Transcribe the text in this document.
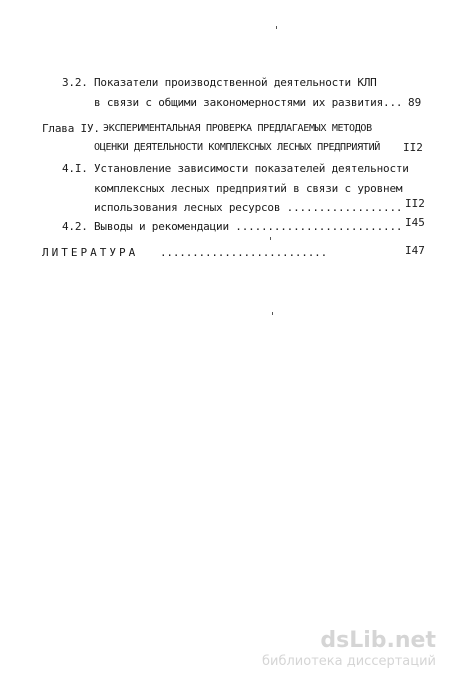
3.2. Показатели производственной деятельности КЛП
в связи с общими закономерностями их развития... 89
Глава IУ. ЭКСПЕРИМЕНТАЛЬНАЯ ПРОВЕРКА ПРЕДЛАГАЕМЫХ МЕТОДОВ
ОЦЕНКИ ДЕЯТЕЛЬНОСТИ КОМПЛЕКСНЫХ ЛЕСНЫХ ПРЕДПРИЯТИЙ II2
4.I. Установление зависимости показателей деятельности
комплексных лесных предприятий в связи с уровнем
использования лесных ресурсов .................. II2
4.2. Выводы и рекомендации .......................... I45
ЛИТЕРАТУРА ..........................	I47
dsLib.net
библиотека диссертаций
